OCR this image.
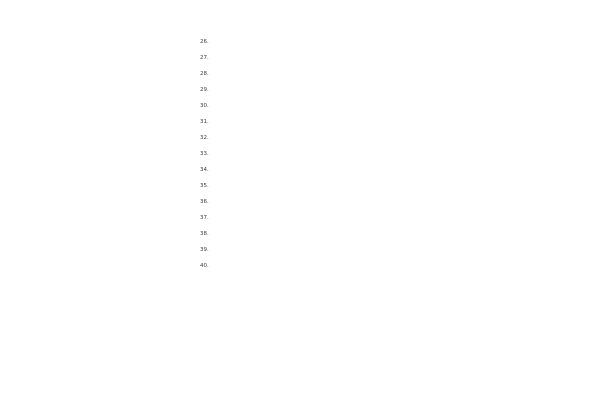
26.
27.
28.
29.
30.
31.
32.
33.
34.
35.
36.
37.
38.
39.
40.
